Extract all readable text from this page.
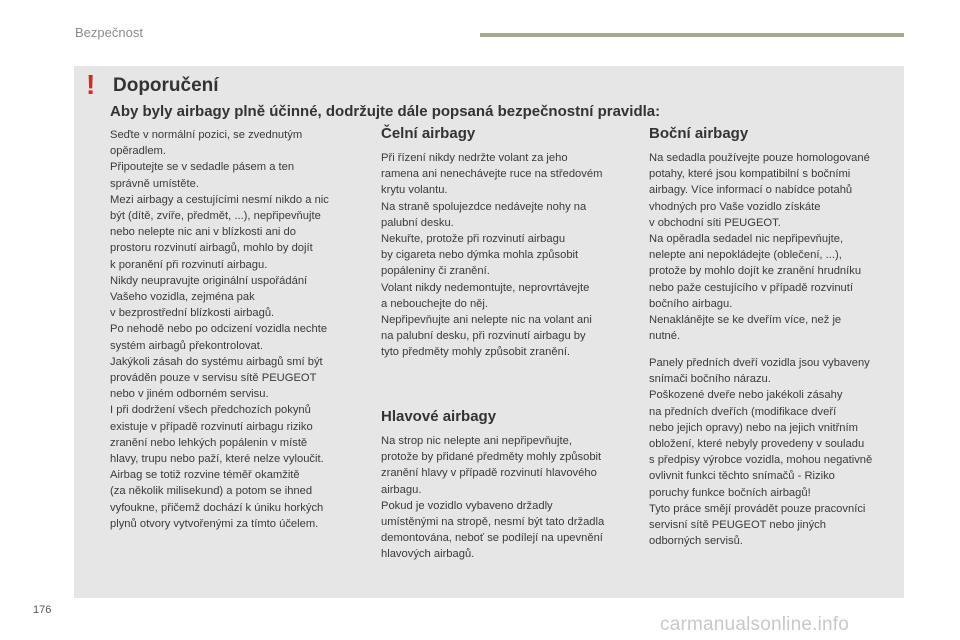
Bezpečnost
! Doporučení
Aby byly airbagy plně účinné, dodržujte dále popsaná bezpečnostní pravidla:

Seďte v normální pozici, se zvednutým

opěradlem.

Připoutejte se v sedadle pásem a ten

správně umístěte.

Mezi airbagy a cestujícími nesmí nikdo a nic

být (dítě, zvíře, předmět, ...), nepřipevňujte

nebo nelepte nic ani v blízkosti ani do

prostoru rozvinutí airbagů, mohlo by dojít

k poranění při rozvinutí airbagu.

Nikdy neupravujte originální uspořádání

Vašeho vozidla, zejména pak

v bezprostřední blízkosti airbagů.

Po nehodě nebo po odcizení vozidla nechte

systém airbagů překontrolovat.

Jakýkoli zásah do systému airbagů smí být

prováděn pouze v servisu sítě PEUGEOT

nebo v jiném odborném servisu.

I při dodržení všech předchozích pokynů

existuje v případě rozvinutí airbagu riziko

zranění nebo lehkých popálenin v místě

hlavy, trupu nebo paží, které nelze vyloučit.

Airbag se totiž rozvine téměř okamžitě

(za několik milisekund) a potom se ihned

vyfoukne, přičemž dochází k úniku horkých

plynů otvory vytvořenými za tímto účelem.

Čelní airbagy

Při řízení nikdy nedržte volant za jeho

ramena ani nenechávejte ruce na středovém

krytu volantu.

Na straně spolujezdce nedávejte nohy na

palubní desku.

Nekuřte, protože při rozvinutí airbagu

by cigareta nebo dýmka mohla způsobit

popáleniny či zranění.

Volant nikdy nedemontujte, neprovrtávejte

a nebouchejte do něj.

Nepřipevňujte ani nelepte nic na volant ani

na palubní desku, při rozvinutí airbagu by

tyto předměty mohly způsobit zranění.

Hlavové airbagy

Na strop nic nelepte ani nepřipevňujte,

protože by přidané předměty mohly způsobit

zranění hlavy v případě rozvinutí hlavového

airbagu.

Pokud je vozidlo vybaveno držadly

umístěnými na stropě, nesmí být tato držadla

demontována, neboť se podílejí na upevnění

hlavových airbagů.

Boční airbagy

Na sedadla používejte pouze homologované

potahy, které jsou kompatibilní s bočními

airbagy. Více informací o nabídce potahů

vhodných pro Vaše vozidlo získáte

v obchodní síti PEUGEOT.

Na opěradla sedadel nic nepřipevňujte,

nelepte ani nepokládejte (oblečení, ...),

protože by mohlo dojít ke zranění hrudníku

nebo paže cestujícího v případě rozvinutí

bočního airbagu.

Nenaklánějte se ke dveřím více, než je

nutné.

Panely předních dveří vozidla jsou vybaveny

snímači bočního nárazu.

Poškozené dveře nebo jakékoli zásahy

na předních dveřích (modifikace dveří

nebo jejich opravy) nebo na jejich vnitřním

obložení, které nebyly provedeny v souladu

s předpisy výrobce vozidla, mohou negativně

ovlivnit funkci těchto snímačů - Riziko

poruchy funkce bočních airbagů!

Tyto práce smějí provádět pouze pracovníci

servisní sítě PEUGEOT nebo jiných

odborných servisů.

176
carmanualsonline.info
